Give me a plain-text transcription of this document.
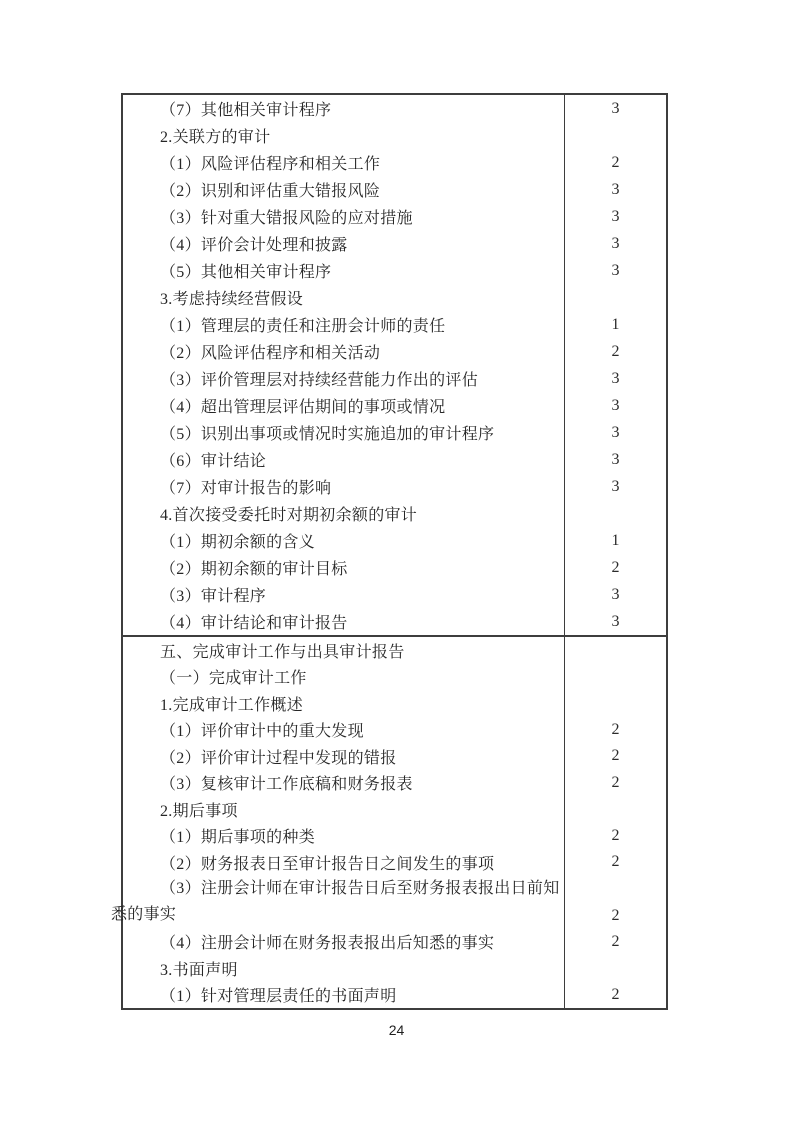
（7）其他相关审计程序	3
2.关联方的审计
（1）风险评估程序和相关工作	2
（2）识别和评估重大错报风险	3
（3）针对重大错报风险的应对措施	3
（4）评价会计处理和披露	3
（5）其他相关审计程序	3
3.考虑持续经营假设
（1）管理层的责任和注册会计师的责任	1
（2）风险评估程序和相关活动	2
（3）评价管理层对持续经营能力作出的评估	3
（4）超出管理层评估期间的事项或情况	3
（5）识别出事项或情况时实施追加的审计程序	3
（6）审计结论	3
（7）对审计报告的影响	3
4.首次接受委托时对期初余额的审计
（1）期初余额的含义	1
（2）期初余额的审计目标	2
（3）审计程序	3
（4）审计结论和审计报告	3
五、完成审计工作与出具审计报告
（一）完成审计工作
1.完成审计工作概述
（1）评价审计中的重大发现	2
（2）评价审计过程中发现的错报	2
（3）复核审计工作底稿和财务报表	2
2.期后事项
（1）期后事项的种类	2
（2）财务报表日至审计报告日之间发生的事项	2
（3）注册会计师在审计报告日后至财务报表报出日前知悉的事实	2
（4）注册会计师在财务报表报出后知悉的事实	2
3.书面声明
（1）针对管理层责任的书面声明	2
24
